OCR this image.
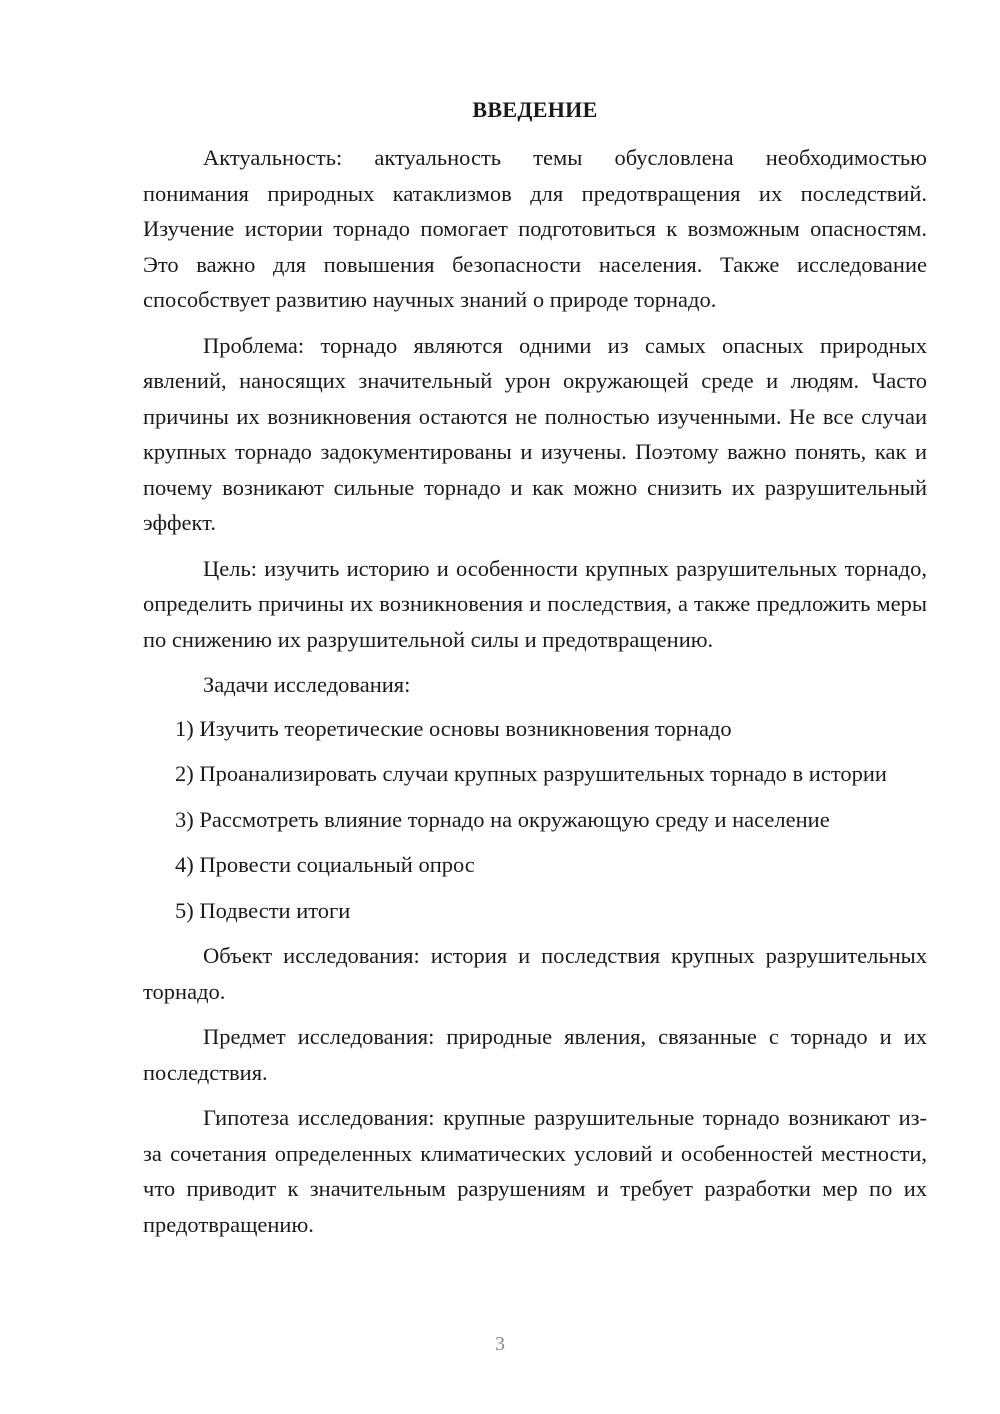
ВВЕДЕНИЕ

Актуальность: актуальность темы обусловлена необходимостью понимания природных катаклизмов для предотвращения их последствий. Изучение истории торнадо помогает подготовиться к возможным опасностям. Это важно для повышения безопасности населения. Также исследование способствует развитию научных знаний о природе торнадо.

Проблема: торнадо являются одними из самых опасных природных явлений, наносящих значительный урон окружающей среде и людям. Часто причины их возникновения остаются не полностью изученными. Не все случаи крупных торнадо задокументированы и изучены. Поэтому важно понять, как и почему возникают сильные торнадо и как можно снизить их разрушительный эффект.

Цель: изучить историю и особенности крупных разрушительных торнадо, определить причины их возникновения и последствия, а также предложить меры по снижению их разрушительной силы и предотвращению.

Задачи исследования:

1) Изучить теоретические основы возникновения торнадо

2) Проанализировать случаи крупных разрушительных торнадо в истории

3) Рассмотреть влияние торнадо на окружающую среду и население

4) Провести социальный опрос

5) Подвести итоги

Объект исследования: история и последствия крупных разрушительных торнадо.

Предмет исследования: природные явления, связанные с торнадо и их последствия.

Гипотеза исследования: крупные разрушительные торнадо возникают из-за сочетания определенных климатических условий и особенностей местности, что приводит к значительным разрушениям и требует разработки мер по их предотвращению.

3
